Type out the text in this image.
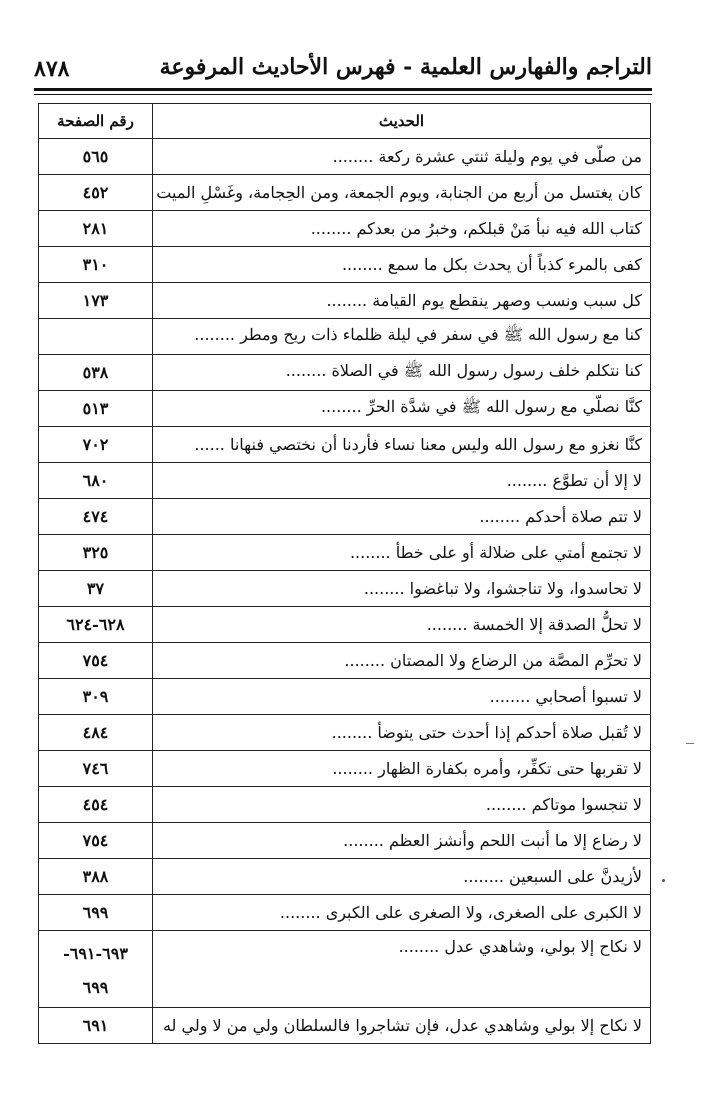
٨٧٨	التراجم والفهارس العلمية - فهرس الأحاديث المرفوعة
الحديث	رقم الصفحة
من صلّى في يوم وليلة ثنتي عشرة ركعة ........	٥٦٥
كان يغتسل من أربع من الجنابة، ويوم الجمعة، ومن الحِجامة، وغَسْلِ الميت	٤٥٢
كتاب الله فيه نبأ مَنْ قبلكم، وخبرُ من بعدكم ........	٢٨١
كفى بالمرء كذباً أن يحدث بكل ما سمع ........	٣١٠
كل سبب ونسب وصهر ينقطع يوم القيامة ........	١٧٣
كنا مع رسول الله ﷺ في سفر في ليلة ظلماء ذات ريح ومطر ........	
كنا نتكلم خلف رسول رسول الله ﷺ في الصلاة ........	٥٣٨
كنَّا نصلّي مع رسول الله ﷺ في شدَّة الحرِّ ........	٥١٣
كنَّا نغزو مع رسول الله وليس معنا نساء فأردنا أن نختصي فنهانا ......	٧٠٢
لا إلا أن تطوَّع ........	٦٨٠
لا تتم صلاة أحدكم ........	٤٧٤
لا تجتمع أمتي على ضلالة أو على خطأ ........	٣٢٥
لا تحاسدوا، ولا تناجشوا، ولا تباغضوا ........	٣٧
لا تحلُّ الصدقة إلا الخمسة ........	٦٢٨-٦٢٤
لا تحرِّم المصَّة من الرضاع ولا المصتان ........	٧٥٤
لا تسبوا أصحابي ........	٣٠٩
لا تُقبل صلاة أحدكم إذا أحدث حتى يتوضأ ........	٤٨٤
لا تقربها حتى تكفِّر، وأمره بكفارة الظهار ........	٧٤٦
لا تنجسوا موتاكم ........	٤٥٤
لا رضاع إلا ما أنبت اللحم وأنشز العظم ........	٧٥٤
لأزيدنَّ على السبعين ........	٣٨٨
لا الكبرى على الصغرى، ولا الصغرى على الكبرى ........	٦٩٩
لا نكاح إلا بولي، وشاهدي عدل ........	٦٩٣-٦٩١-
٦٩٩

لا نكاح إلا بولي وشاهدي عدل، فإن تشاجروا فالسلطان ولي من لا ولي له	٦٩١
